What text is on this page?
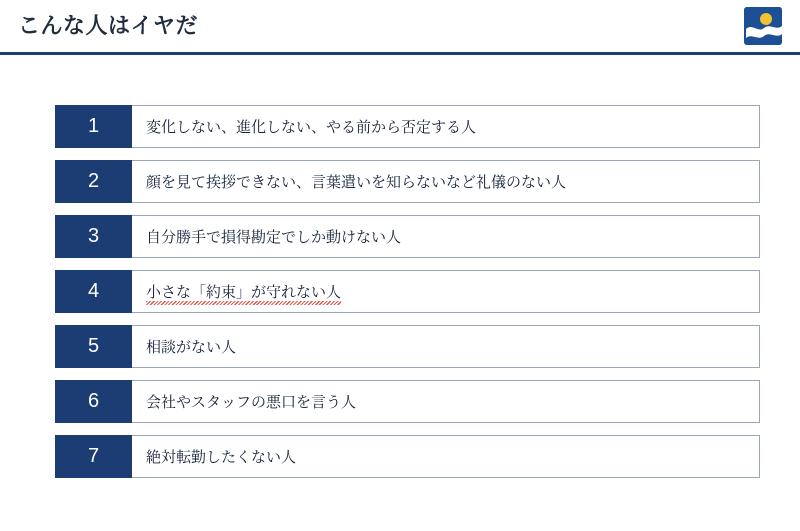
こんな人はイヤだ
1	変化しない、進化しない、やる前から否定する人
2	顔を見て挨拶できない、言葉遣いを知らないなど礼儀のない人
3	自分勝手で損得勘定でしか動けない人
4	小さな「約束」が守れない人
5	相談がない人
6	会社やスタッフの悪口を言う人
7	絶対転勤したくない人
